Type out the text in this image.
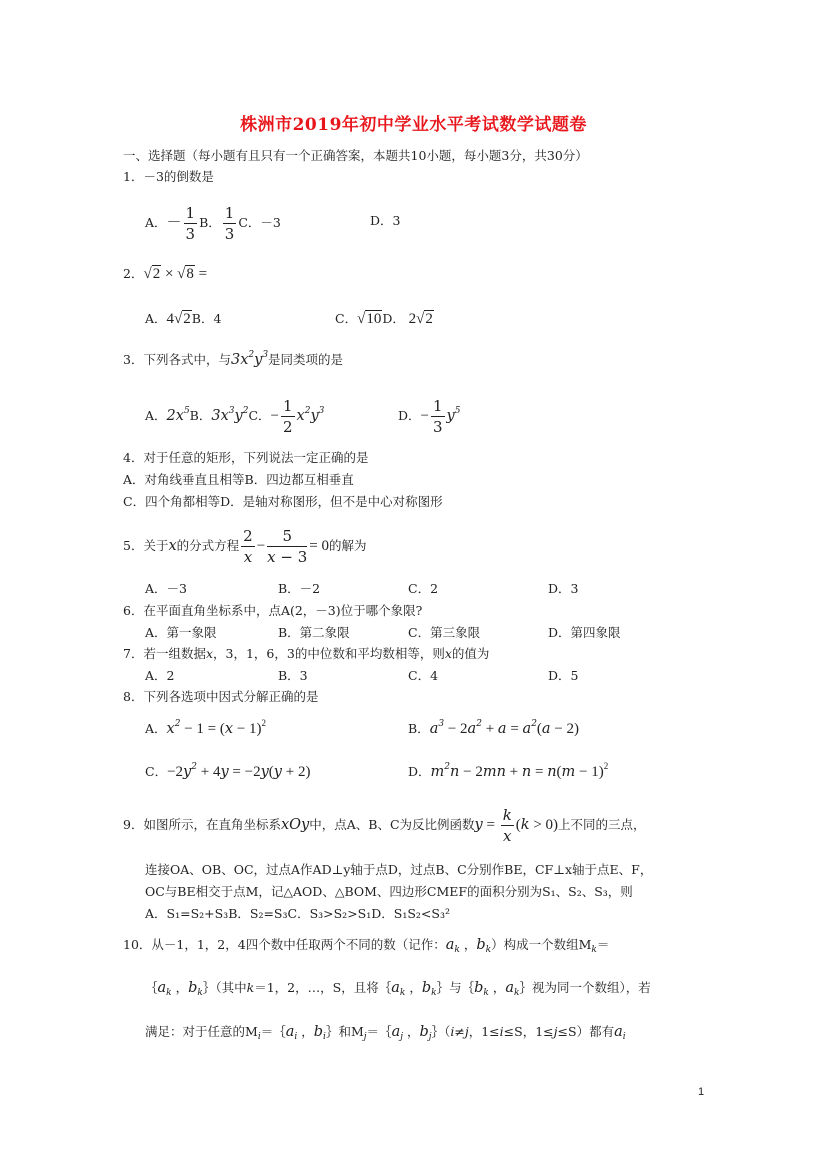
株洲市2019年初中学业水平考试数学试题卷
一、选择题（每小题有且只有一个正确答案，本题共10小题，每小题3分，共30分）
1．－3的倒数是
A．－ $\frac{1}{3}$ B． $\frac{1}{3}$ C．－3	D．3
2．√2 × √8 =
A．4√2B．4	C．√10D． 2√2
3．下列各式中，与$3x^2y^3$是同类项的是
A．$2x^5B$．$3x^3y^2C$．− $\frac{1}{2} x^2y^3$	D．− $\frac{1}{3} y^5$
4．对于任意的矩形，下列说法一定正确的是
A．对角线垂直且相等B．四边都互相垂直
C．四个角都相等D．是轴对称图形，但不是中心对称图形
5．关于x的分式方程 $\frac{2}{x} - \frac{5}{x - 3} = 0$的解为
A．－3	B．－2	C．2	D．3
6．在平面直角坐标系中，点A(2，－3)位于哪个象限?
A．第一象限	B．第二象限	C．第三象限	D．第四象限
7．若一组数据x，3，1，6，3的中位数和平均数相等，则x的值为
A．2	B．3	C．4	D．5
8．下列各选项中因式分解正确的是
A．$x^2 - 1 = (x - 1)^2$	B．$a^3 - 2a^2 + a = a^2(a - 2)$
C．$-2y^2 + 4y = -2y(y + 2)$	D．$m^2n - 2mn + n = n(m - 1)^2$
9．如图所示，在直角坐标系xOy中，点A、B、C为反比例函数$y = \frac{k}{x} (k > 0)$上不同的三点，
连接OA、OB、OC，过点A作AD⊥y轴于点D，过点B、C分别作BE，CF⊥x轴于点E、F，
OC与BE相交于点M，记△AOD、△BOM、四边形CMEF的面积分别为S₁、S₂、S₃，则
A．S₁=S₂+S₃B．S₂=S₃C．S₃>S₂>S₁D．S₁S₂<S₃²
10．从－1，1，2，4四个数中任取两个不同的数（记作：$a_k$ ，$b_k$）构成一个数组$M_k=$
$\{a_k$ ，$b_k\}$（其中k＝1，2，…，S，且将$\{a_k$ ，$b_k\}$与$\{b_k$ ，$a_k\}$视为同一个数组），若
满足：对于任意的$M_i=\{a_i$ ，$b_i\}$和$M_j=\{a_j$ ，$b_j\}(i\ne j$，1≤i≤S，1≤j≤S）都有$a_i$
1
